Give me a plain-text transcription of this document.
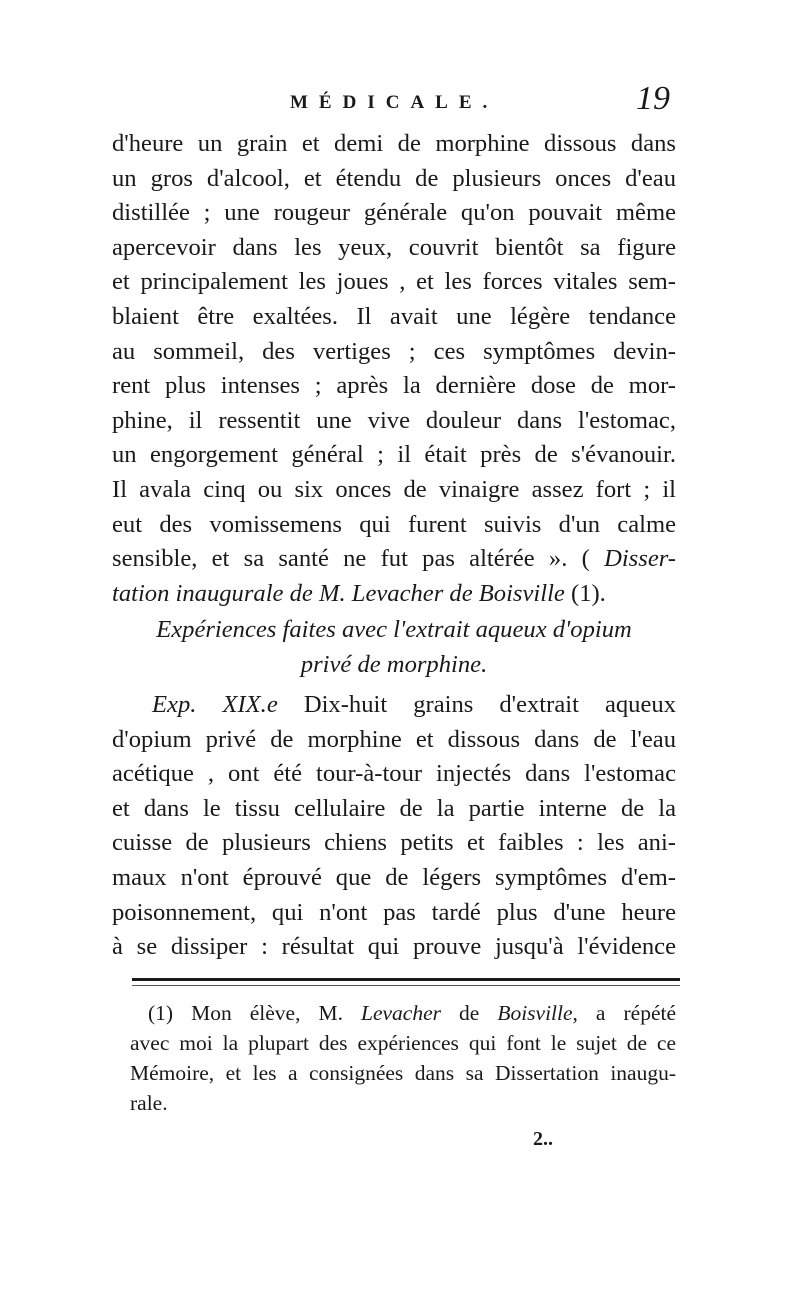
MÉDICALE.	19
d'heure un grain et demi de morphine dissous dans
un gros d'alcool, et étendu de plusieurs onces d'eau
distillée ; une rougeur générale qu'on pouvait même
apercevoir dans les yeux, couvrit bientôt sa figure
et principalement les joues , et les forces vitales sem-
blaient être exaltées. Il avait une légère tendance
au sommeil, des vertiges ; ces symptômes devin-
rent plus intenses ; après la dernière dose de mor-
phine, il ressentit une vive douleur dans l'estomac,
un engorgement général ; il était près de s'évanouir.
Il avala cinq ou six onces de vinaigre assez fort ; il
eut des vomissemens qui furent suivis d'un calme
sensible, et sa santé ne fut pas altérée ». ( Disser-
tation inaugurale de M. Levacher de Boisville (1).
Expériences faites avec l'extrait aqueux d'opium
privé de morphine.
Exp. XIX.e Dix-huit grains d'extrait aqueux
d'opium privé de morphine et dissous dans de l'eau
acétique , ont été tour-à-tour injectés dans l'estomac
et dans le tissu cellulaire de la partie interne de la
cuisse de plusieurs chiens petits et faibles : les ani-
maux n'ont éprouvé que de légers symptômes d'em-
poisonnement, qui n'ont pas tardé plus d'une heure
à se dissiper : résultat qui prouve jusqu'à l'évidence
(1) Mon élève, M. Levacher de Boisville, a répété
avec moi la plupart des expériences qui font le sujet de ce
Mémoire, et les a consignées dans sa Dissertation inaugu-
rale.
2..
